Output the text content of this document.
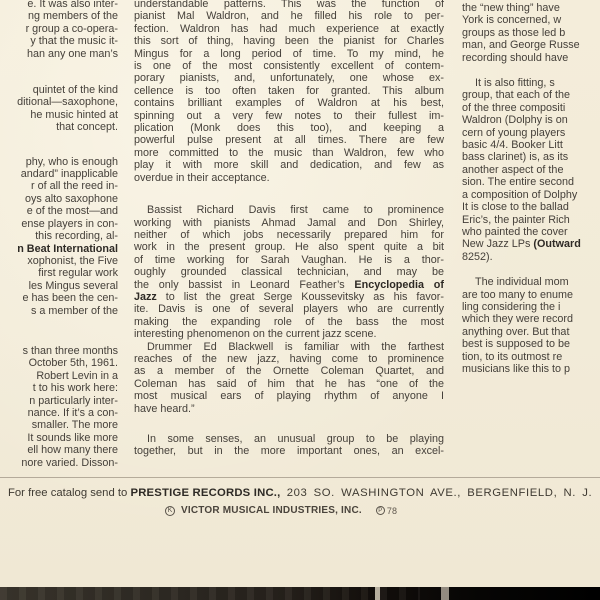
e. It was also inter-
ng members of the
r group a co-opera-
y that the music it-
han any one man’s
quintet of the kind
ditional—saxophone,
he music hinted at
that concept.
phy, who is enough
andard” inapplicable
r of all the reed in-
oys alto saxophone
e of the most—and
ense players in con-
this recording, al-
n Beat International
xophonist, the Five
first regular work
les Mingus several
e has been the cen-
s a member of the
s than three months
October 5th, 1961.
Robert Levin in a
t to his work here:
n particularly inter-
nance. If it’s a con-
smaller. The more
It sounds like more
ell how many there
nore varied. Disson-
understandable patterns. This was the function of
pianist Mal Waldron, and he filled his role to per-
fection. Waldron has had much experience at exactly
this sort of thing, having been the pianist for Charles
Mingus for a long period of time. To my mind, he
is one of the most consistently excellent of contem-
porary pianists, and, unfortunately, one whose ex-
cellence is too often taken for granted. This album
contains brilliant examples of Waldron at his best,
spinning out a very few notes to their fullest im-
plication (Monk does this too), and keeping a
powerful pulse present at all times. There are few
more committed to the music than Waldron, few who
play it with more skill and dedication, and few as
overdue in their acceptance.
Bassist Richard Davis first came to prominence
working with pianists Ahmad Jamal and Don Shirley,
neither of which jobs necessarily prepared him for
work in the present group. He also spent quite a bit
of time working for Sarah Vaughan. He is a thor-
oughly grounded classical technician, and may be
the only bassist in Leonard Feather’s Encyclopedia of
Jazz to list the great Serge Koussevitsky as his favor-
ite. Davis is one of several players who are currently
making the expanding role of the bass the most
interesting phenomenon on the current jazz scene.
Drummer Ed Blackwell is familiar with the farthest
reaches of the new jazz, having come to prominence
as a member of the Ornette Coleman Quartet, and
Coleman has said of him that he has “one of the
most musical ears of playing rhythm of anyone I
have heard.”
In some senses, an unusual group to be playing
together, but in the more important ones, an excel-
the “new thing” have
York is concerned, w
groups as those led b
man, and George Russe
recording should have
It is also fitting, s
group, that each of the
of the three compositi
Waldron (Dolphy is on
cern of young players
basic 4/4. Booker Litt
bass clarinet) is, as its
another aspect of the
sion. The entire second
a composition of Dolphy
It is close to the ballad
Eric’s, the painter Rich
who painted the cover
New Jazz LPs (Outward
8252).
The individual mom
are too many to enume
ling considering the i
which they were record
anything over. But that
best is supposed to be
tion, to its outmost re
musicians like this to p
For free catalog send to PRESTIGE RECORDS INC., 203 SO. WASHINGTON AVE., BERGENFIELD, N. J.
K VICTOR MUSICAL INDUSTRIES, INC.	P 78
